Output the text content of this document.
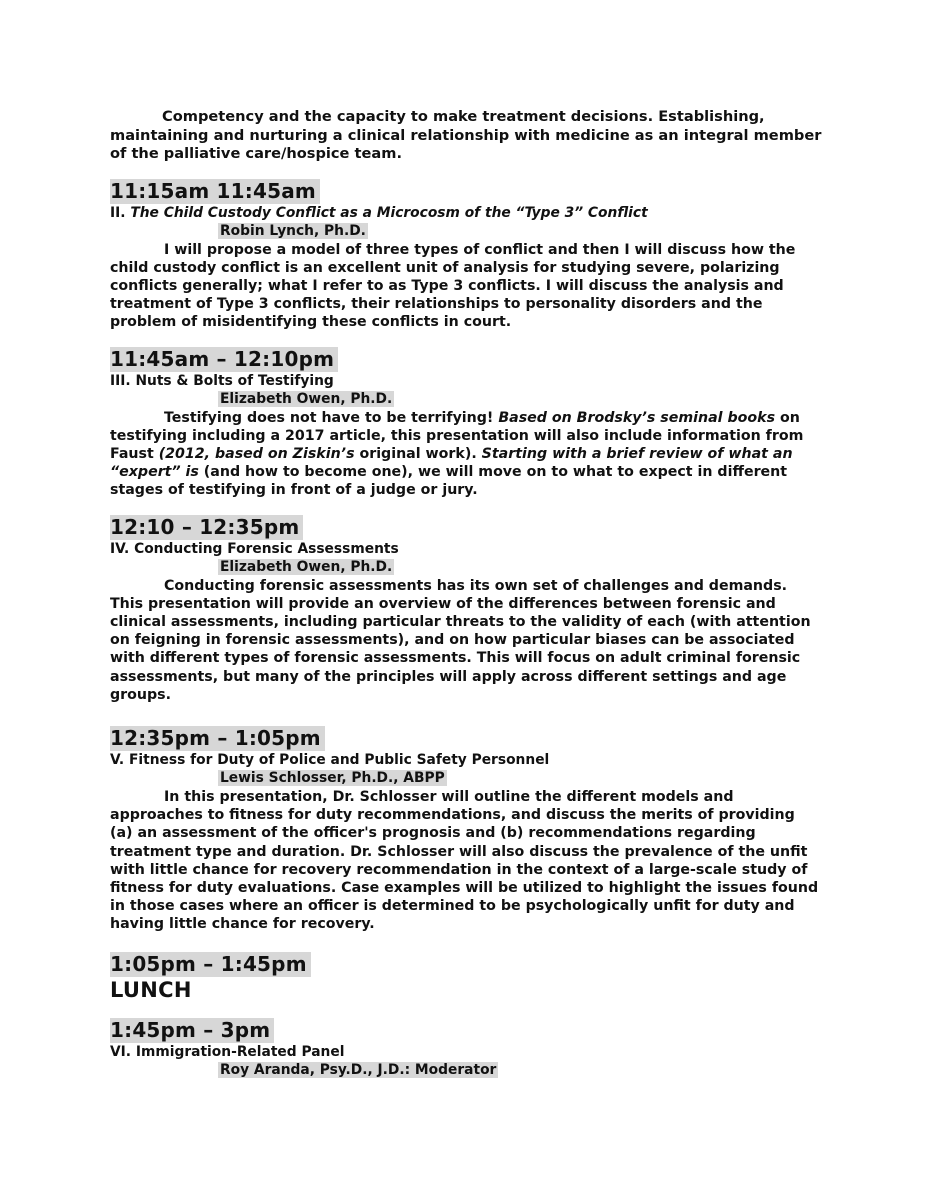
Competency and the capacity to make treatment decisions. Establishing, maintaining and nurturing a clinical relationship with medicine as an integral member of the palliative care/hospice team.

11:15am 11:45am
II. The Child Custody Conflict as a Microcosm of the “Type 3” Conflict
Robin Lynch, Ph.D.

I will propose a model of three types of conflict and then I will discuss how the child custody conflict is an excellent unit of analysis for studying severe, polarizing conflicts generally; what I refer to as Type 3 conflicts. I will discuss the analysis and treatment of Type 3 conflicts, their relationships to personality disorders and the problem of misidentifying these conflicts in court.

11:45am – 12:10pm
III. Nuts & Bolts of Testifying
Elizabeth Owen, Ph.D.

Testifying does not have to be terrifying! Based on Brodsky’s seminal books on testifying including a 2017 article, this presentation will also include information from Faust (2012, based on Ziskin’s original work). Starting with a brief review of what an “expert” is (and how to become one), we will move on to what to expect in different stages of testifying in front of a judge or jury.

12:10 – 12:35pm
IV. Conducting Forensic Assessments
Elizabeth Owen, Ph.D.

Conducting forensic assessments has its own set of challenges and demands. This presentation will provide an overview of the differences between forensic and clinical assessments, including particular threats to the validity of each (with attention on feigning in forensic assessments), and on how particular biases can be associated with different types of forensic assessments. This will focus on adult criminal forensic assessments, but many of the principles will apply across different settings and age groups.

12:35pm – 1:05pm
V. Fitness for Duty of Police and Public Safety Personnel
Lewis Schlosser, Ph.D., ABPP

In this presentation, Dr. Schlosser will outline the different models and approaches to fitness for duty recommendations, and discuss the merits of providing (a) an assessment of the officer's prognosis and (b) recommendations regarding treatment type and duration. Dr. Schlosser will also discuss the prevalence of the unfit with little chance for recovery recommendation in the context of a large-scale study of fitness for duty evaluations. Case examples will be utilized to highlight the issues found in those cases where an officer is determined to be psychologically unfit for duty and having little chance for recovery.

1:05pm – 1:45pm
LUNCH
1:45pm – 3pm
VI. Immigration-Related Panel
Roy Aranda, Psy.D., J.D.: Moderator
